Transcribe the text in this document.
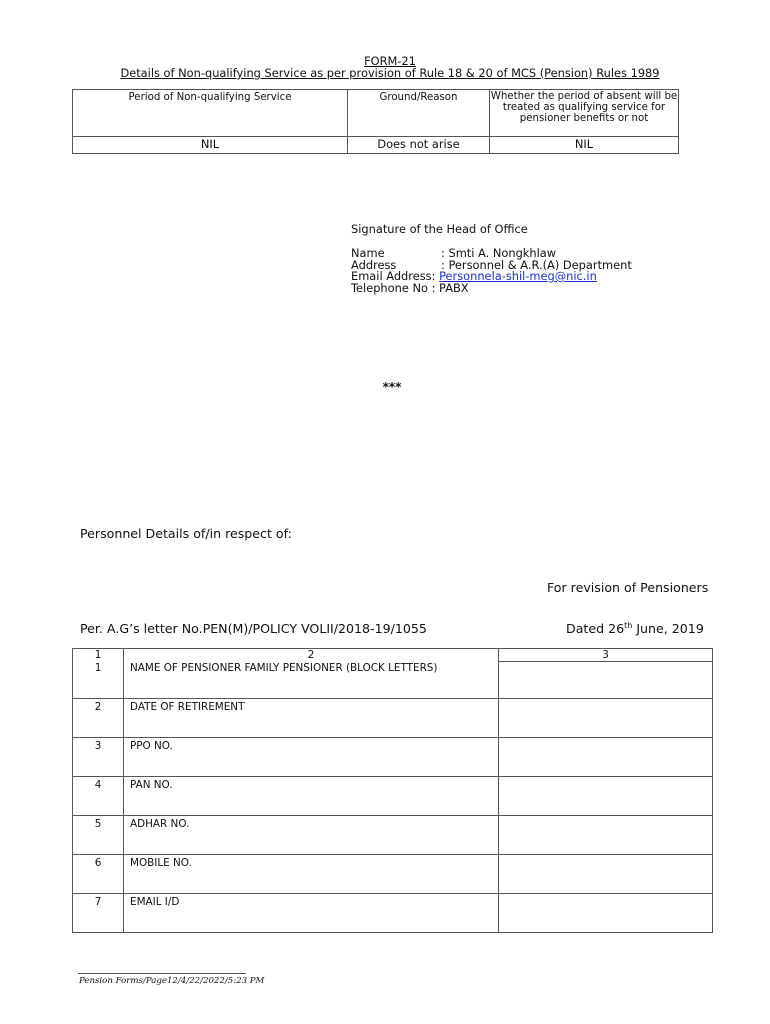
FORM-21
Details of Non-qualifying Service as per provision of Rule 18 & 20 of MCS (Pension) Rules 1989
Period of Non-qualifying Service	Ground/Reason	Whether the period of absent will be treated as qualifying service for pensioner benefits or not
NIL	Does not arise	NIL
Signature of the Head of Office
Name	: Smti A. Nongkhlaw
Address	: Personnel & A.R.(A) Department
Email Address: Personnela-shil-meg@nic.in
Telephone No : PABX
***
Personnel Details of/in respect of:
For revision of Pensioners
Per. A.G’s letter No.PEN(M)/POLICY VOLII/2018-19/1055	Dated 26th June, 2019
1	2	3
1	NAME OF PENSIONER FAMILY PENSIONER (BLOCK LETTERS)	
2	DATE OF RETIREMENT	
3	PPO NO.	
4	PAN NO.	
5	ADHAR NO.	
6	MOBILE NO.	
7	EMAIL I/D	
Pension Forms/Page12/4/22/2022/5:23 PM
